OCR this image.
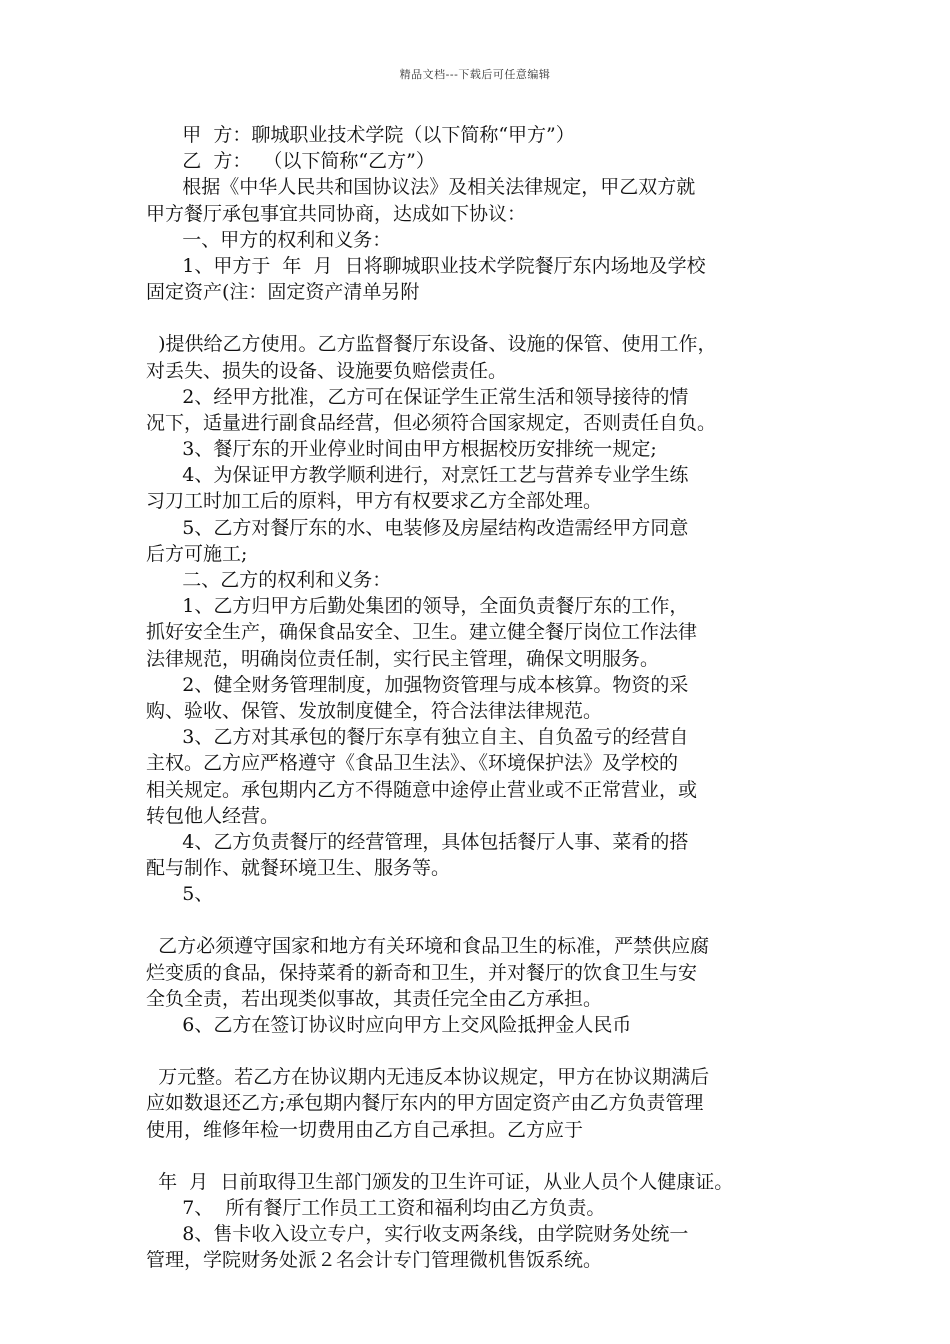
精品文档---下载后可任意编辑
甲  方：聊城职业技术学院（以下简称“甲方”）
乙  方：  （以下简称“乙方”）
根据《中华人民共和国协议法》及相关法律规定，甲乙双方就
甲方餐厅承包事宜共同协商，达成如下协议：
一、甲方的权利和义务：
1、甲方于  年  月  日将聊城职业技术学院餐厅东内场地及学校
固定资产(注：固定资产清单另附
)提供给乙方使用。乙方监督餐厅东设备、设施的保管、使用工作，
对丢失、损失的设备、设施要负赔偿责任。
2、经甲方批准，乙方可在保证学生正常生活和领导接待的情
况下，适量进行副食品经营，但必须符合国家规定，否则责任自负。
3、餐厅东的开业停业时间由甲方根据校历安排统一规定;
4、为保证甲方教学顺利进行，对烹饪工艺与营养专业学生练
习刀工时加工后的原料，甲方有权要求乙方全部处理。
5、乙方对餐厅东的水、电装修及房屋结构改造需经甲方同意
后方可施工;
二、乙方的权利和义务：
1、乙方归甲方后勤处集团的领导，全面负责餐厅东的工作，
抓好安全生产，确保食品安全、卫生。建立健全餐厅岗位工作法律
法律规范，明确岗位责任制，实行民主管理，确保文明服务。
2、健全财务管理制度，加强物资管理与成本核算。物资的采
购、验收、保管、发放制度健全，符合法律法律规范。
3、乙方对其承包的餐厅东享有独立自主、自负盈亏的经营自
主权。乙方应严格遵守《食品卫生法》、《环境保护法》及学校的
相关规定。承包期内乙方不得随意中途停止营业或不正常营业，或
转包他人经营。
4、乙方负责餐厅的经营管理，具体包括餐厅人事、菜肴的搭
配与制作、就餐环境卫生、服务等。
5、
乙方必须遵守国家和地方有关环境和食品卫生的标准，严禁供应腐
烂变质的食品，保持菜肴的新奇和卫生，并对餐厅的饮食卫生与安
全负全责，若出现类似事故，其责任完全由乙方承担。
6、乙方在签订协议时应向甲方上交风险抵押金人民币
万元整。若乙方在协议期内无违反本协议规定，甲方在协议期满后
应如数退还乙方;承包期内餐厅东内的甲方固定资产由乙方负责管理
使用，维修年检一切费用由乙方自己承担。乙方应于
年  月  日前取得卫生部门颁发的卫生许可证，从业人员个人健康证。
7、  所有餐厅工作员工工资和福利均由乙方负责。
8、售卡收入设立专户，实行收支两条线，由学院财务处统一
管理，学院财务处派２名会计专门管理微机售饭系统。
